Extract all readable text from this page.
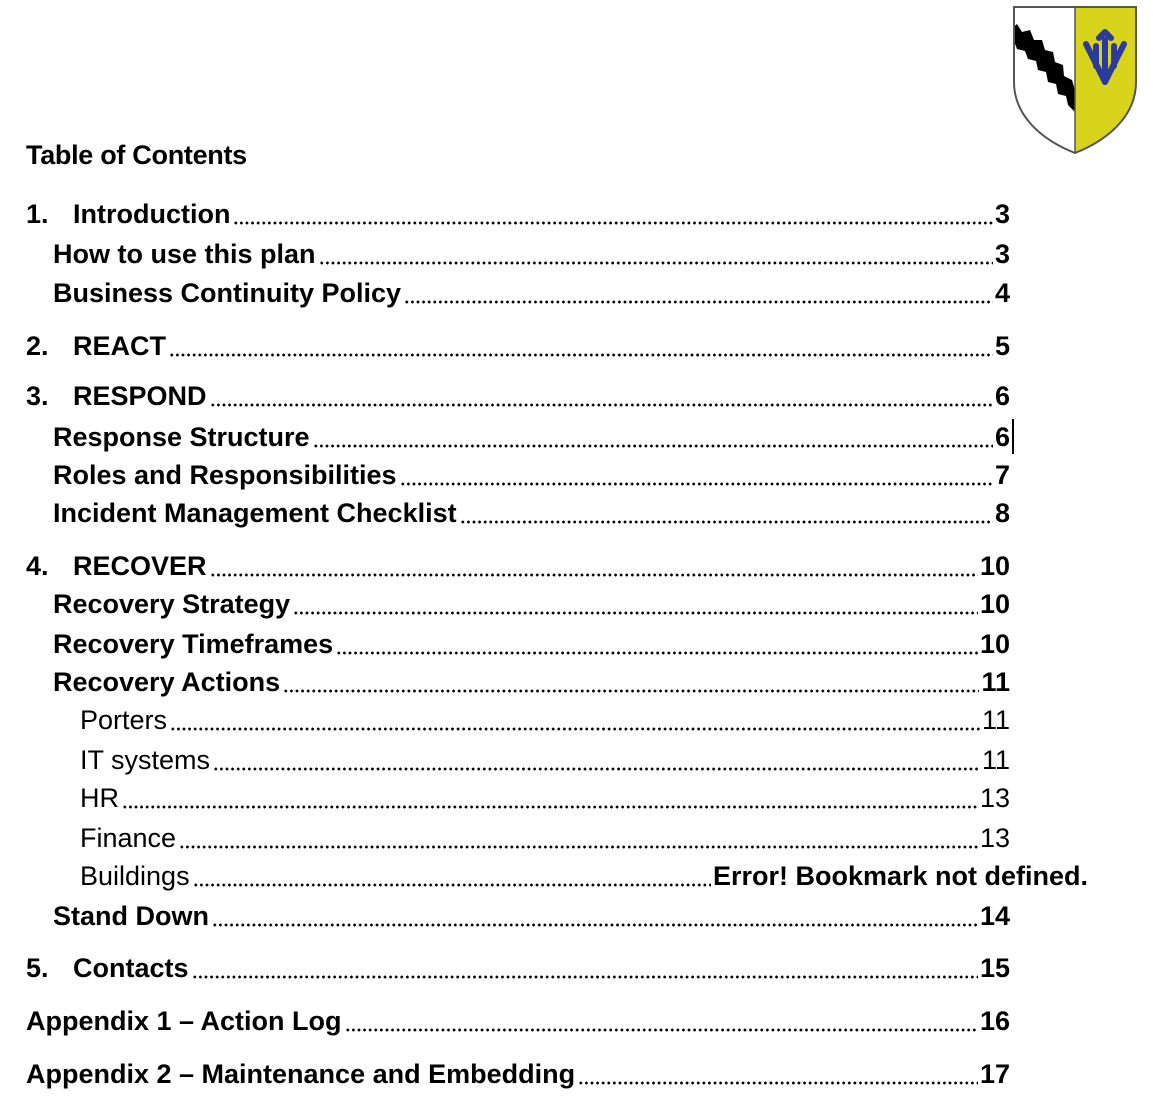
Table of Contents
1. Introduction	3
How to use this plan	3
Business Continuity Policy	4
2. REACT	5
3. RESPOND	6
Response Structure	6
Roles and Responsibilities	7
Incident Management Checklist	8
4. RECOVER	10
Recovery Strategy	10
Recovery Timeframes	10
Recovery Actions	11
Porters	11
IT systems	11
HR	13
Finance	13
Buildings	Error! Bookmark not defined.
Stand Down	14
5. Contacts	15
Appendix 1 – Action Log	16
Appendix 2 – Maintenance and Embedding	17
